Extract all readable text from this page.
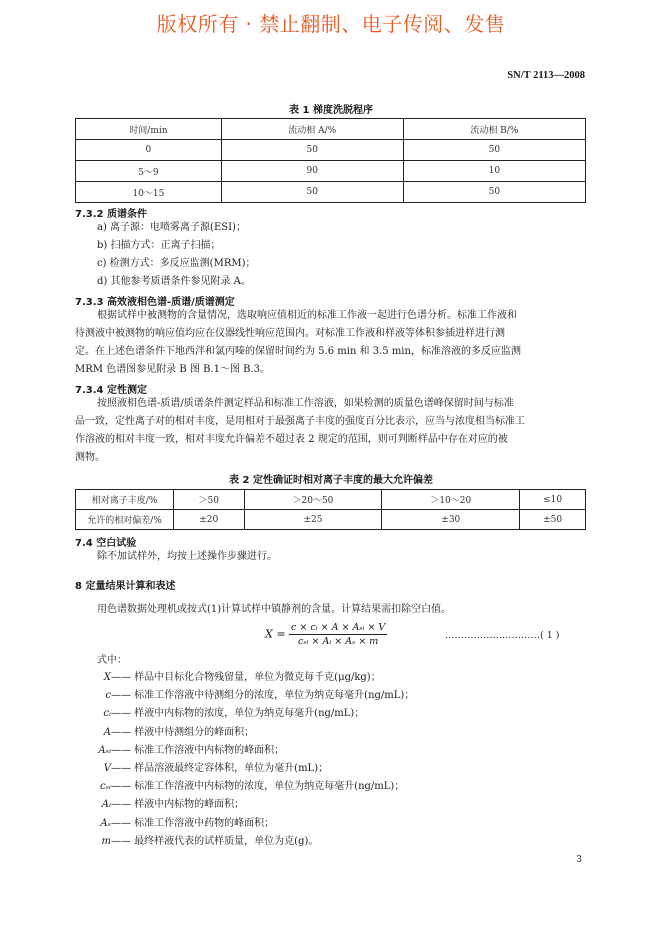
版权所有 · 禁止翻制、电子传阅、发售
SN/T 2113—2008
表 1 梯度洗脱程序
时间/min	流动相 A/%	流动相 B/%
0	50	50
5～9	90	10
10～15	50	50
7.3.2 质谱条件
a) 离子源：电喷雾离子源(ESI)；
b) 扫描方式：正离子扫描；
c) 检测方式：多反应监测(MRM)；
d) 其他参考质谱条件参见附录 A。
7.3.3 高效液相色谱-质谱/质谱测定
根据试样中被测物的含量情况，选取响应值相近的标准工作液一起进行色谱分析。标准工作液和
待测液中被测物的响应值均应在仪器线性响应范围内。对标准工作液和样液等体积参插进样进行测
定。在上述色谱条件下地西泮和氯丙嗪的保留时间约为 5.6 min 和 3.5 min，标准溶液的多反应监测
MRM 色谱图参见附录 B 图 B.1～图 B.3。
7.3.4 定性测定
按照液相色谱-质谱/质谱条件测定样品和标准工作溶液，如果检测的质量色谱峰保留时间与标准
品一致，定性离子对的相对丰度，是用相对于最强离子丰度的强度百分比表示，应当与浓度相当标准工
作溶液的相对丰度一致，相对丰度允许偏差不超过表 2 规定的范围，则可判断样品中存在对应的被
测物。
表 2 定性确证时相对离子丰度的最大允许偏差
相对离子丰度/%	＞50	＞20～50	＞10～20	≤10
允许的相对偏差/%	±20	±25	±30	±50
7.4 空白试验
除不加试样外，均按上述操作步骤进行。
8 定量结果计算和表述
用色谱数据处理机或按式(1)计算试样中镇静剂的含量。计算结果需扣除空白值。
$X = \frac{\text{c × cᵢ × A × Aₛᵢ × V}}{\text{cₛᵢ × Aᵢ × Aₛ × m}}$	…………………………( 1 )
式中：
X—— 样品中目标化合物残留量，单位为微克每千克(μg/kg)；
c—— 标准工作溶液中待测组分的浓度，单位为纳克每毫升(ng/mL)；
cᵢ—— 样液中内标物的浓度，单位为纳克每毫升(ng/mL)；
A—— 样液中待测组分的峰面积；
Aₛᵢ—— 标准工作溶液中内标物的峰面积；
V—— 样品溶液最终定容体积，单位为毫升(mL)；
cₛᵢ—— 标准工作溶液中内标物的浓度，单位为纳克每毫升(ng/mL)；
Aᵢ—— 样液中内标物的峰面积；
Aₛ—— 标准工作溶液中药物的峰面积；
m—— 最终样液代表的试样质量，单位为克(g)。
3
